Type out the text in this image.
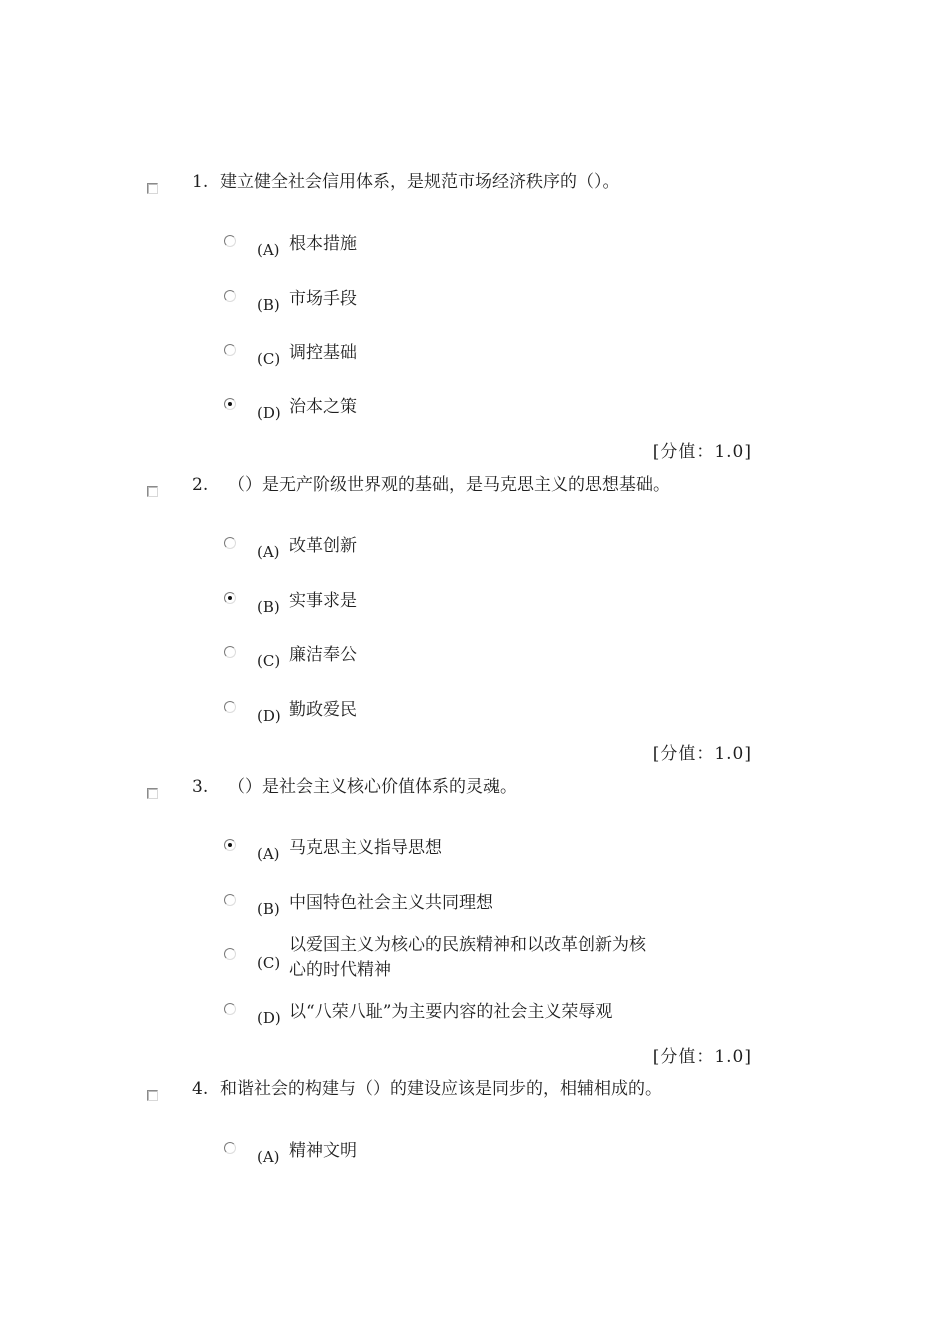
1. 建立健全社会信用体系，是规范市场经济秩序的（）。
(A) 根本措施
(B) 市场手段
(C) 调控基础
(D) 治本之策
[分值：1.0]
2. （）是无产阶级世界观的基础，是马克思主义的思想基础。
(A) 改革创新
(B) 实事求是
(C) 廉洁奉公
(D) 勤政爱民
[分值：1.0]
3. （）是社会主义核心价值体系的灵魂。
(A) 马克思主义指导思想
(B) 中国特色社会主义共同理想
(C)
以爱国主义为核心的民族精神和以改革创新为核
心的时代精神
(D) 以“八荣八耻”为主要内容的社会主义荣辱观
[分值：1.0]
4. 和谐社会的构建与（）的建设应该是同步的，相辅相成的。
(A) 精神文明
